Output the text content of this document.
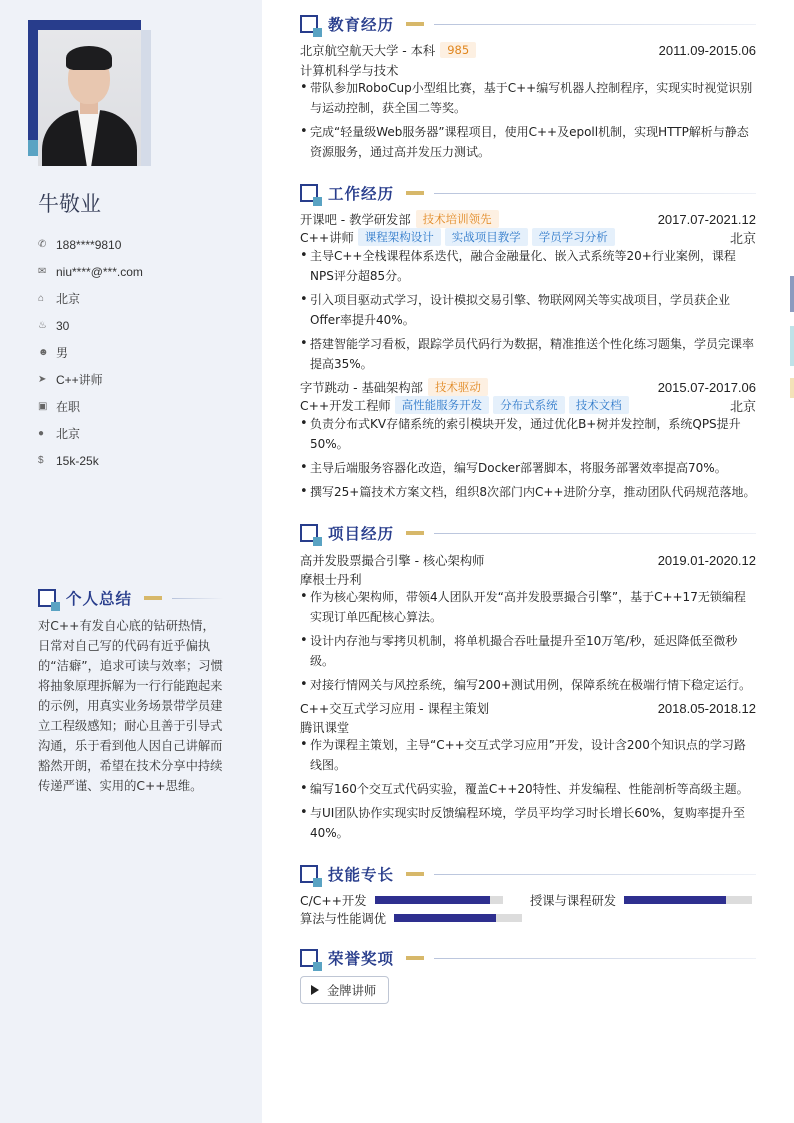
牛敬业
✆ 188****9810
✉ niu****@***.com
⌂ 北京
♨ 30
☻ 男
➤ C++讲师
▣ 在职
● 北京
$	15k-25k
个人总结
对C++有发自心底的钻研热情，日常对自己写的代码有近乎偏执的“洁癖”，追求可读与效率；习惯将抽象原理拆解为一行行能跑起来的示例，用真实业务场景带学员建立工程级感知；耐心且善于引导式沟通，乐于看到他人因自己讲解而豁然开朗，希望在技术分享中持续传递严谨、实用的C++思维。
教育经历
北京航空航天大学 - 本科	985	2011.09-2015.06
计算机科学与技术
• 带队参加RoboCup小型组比赛，基于C++编写机器人控制程序，实现实时视觉识别与运动控制，获全国二等奖。
• 完成“轻量级Web服务器”课程项目，使用C++及epoll机制，实现HTTP解析与静态资源服务，通过高并发压力测试。
工作经历
开课吧 - 教学研发部	技术培训领先	2017.07-2021.12
C++讲师 课程架构设计	实战项目教学	学员学习分析	北京
• 主导C++全栈课程体系迭代，融合金融量化、嵌入式系统等20+行业案例，课程NPS评分超85分。
• 引入项目驱动式学习，设计模拟交易引擎、物联网网关等实战项目，学员获企业Offer率提升40%。
• 搭建智能学习看板，跟踪学员代码行为数据，精准推送个性化练习题集，学员完课率提高35%。
字节跳动 - 基础架构部	技术驱动	2015.07-2017.06
C++开发工程师 高性能服务开发	分布式系统	技术文档	北京
• 负责分布式KV存储系统的索引模块开发，通过优化B+树并发控制，系统QPS提升50%。
• 主导后端服务容器化改造，编写Docker部署脚本，将服务部署效率提高70%。
• 撰写25+篇技术方案文档，组织8次部门内C++进阶分享，推动团队代码规范落地。
项目经历
高并发股票撮合引擎 - 核心架构师	2019.01-2020.12
摩根士丹利
• 作为核心架构师，带领4人团队开发“高并发股票撮合引擎”，基于C++17无锁编程实现订单匹配核心算法。
• 设计内存池与零拷贝机制，将单机撮合吞吐量提升至10万笔/秒，延迟降低至微秒级。
• 对接行情网关与风控系统，编写200+测试用例，保障系统在极端行情下稳定运行。
C++交互式学习应用 - 课程主策划	2018.05-2018.12
腾讯课堂
• 作为课程主策划，主导“C++交互式学习应用”开发，设计含200个知识点的学习路线图。
• 编写160个交互式代码实验，覆盖C++20特性、并发编程、性能剖析等高级主题。
• 与UI团队协作实现实时反馈编程环境，学员平均学习时长增长60%，复购率提升至40%。
技能专长
C/C++开发	授课与课程研发
算法与性能调优
荣誉奖项
金牌讲师
